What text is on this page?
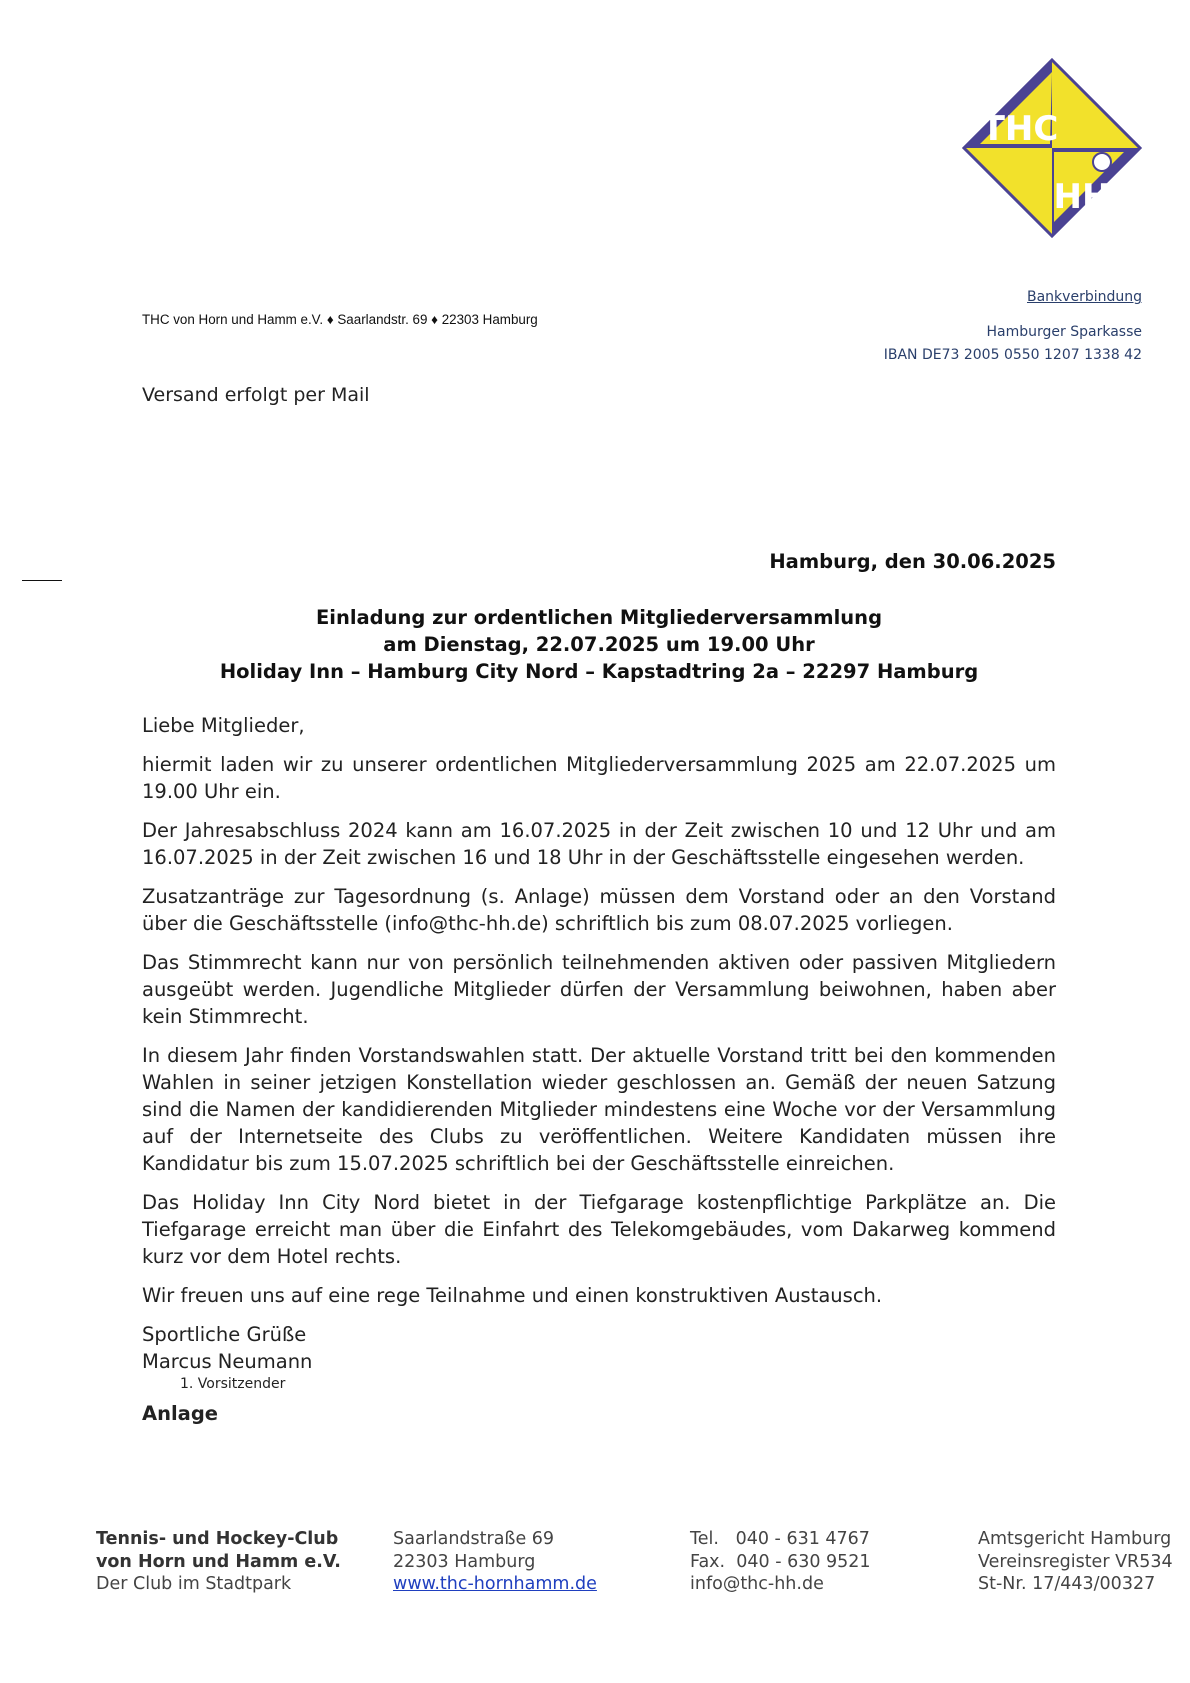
THC
HH
THC von Horn und Hamm e.V. ♦ Saarlandstr. 69 ♦ 22303 Hamburg
Bankverbindung
Hamburger Sparkasse
IBAN DE73 2005 0550 1207 1338 42
Versand erfolgt per Mail
Hamburg, den 30.06.2025
Einladung zur ordentlichen Mitgliederversammlung
am Dienstag, 22.07.2025 um 19.00 Uhr
Holiday Inn – Hamburg City Nord – Kapstadtring 2a – 22297 Hamburg

Liebe Mitglieder,

hiermit laden wir zu unserer ordentlichen Mitgliederversammlung 2025 am 22.07.2025 um 19.00 Uhr ein.

Der Jahresabschluss 2024 kann am 16.07.2025 in der Zeit zwischen 10 und 12 Uhr und am 16.07.2025 in der Zeit zwischen 16 und 18 Uhr in der Geschäftsstelle eingesehen werden.

Zusatzanträge zur Tagesordnung (s. Anlage) müssen dem Vorstand oder an den Vorstand über die Geschäftsstelle (info@thc-hh.de) schriftlich bis zum 08.07.2025 vorliegen.

Das Stimmrecht kann nur von persönlich teilnehmenden aktiven oder passiven Mitgliedern ausgeübt werden. Jugendliche Mitglieder dürfen der Versammlung beiwohnen, haben aber kein Stimmrecht.

In diesem Jahr finden Vorstandswahlen statt. Der aktuelle Vorstand tritt bei den kommenden Wahlen in seiner jetzigen Konstellation wieder geschlossen an. Gemäß der neuen Satzung sind die Namen der kandidierenden Mitglieder mindestens eine Woche vor der Versammlung auf der Internetseite des Clubs zu veröffentlichen. Weitere Kandidaten müssen ihre Kandidatur bis zum 15.07.2025 schriftlich bei der Geschäftsstelle einreichen.

Das Holiday Inn City Nord bietet in der Tiefgarage kostenpflichtige Parkplätze an. Die Tiefgarage erreicht man über die Einfahrt des Telekomgebäudes, vom Dakarweg kommend kurz vor dem Hotel rechts.

Wir freuen uns auf eine rege Teilnahme und einen konstruktiven Austausch.

Sportliche Grüße
Marcus Neumann
1. Vorsitzender
Anlage
Tennis- und Hockey-Club
von Horn und Hamm e.V.
Der Club im Stadtpark
Saarlandstraße 69
22303 Hamburg
www.thc-hornhamm.de
Tel.   040 - 631 4767
Fax.  040 - 630 9521
info@thc-hh.de
Amtsgericht Hamburg
Vereinsregister VR534
St-Nr. 17/443/00327
